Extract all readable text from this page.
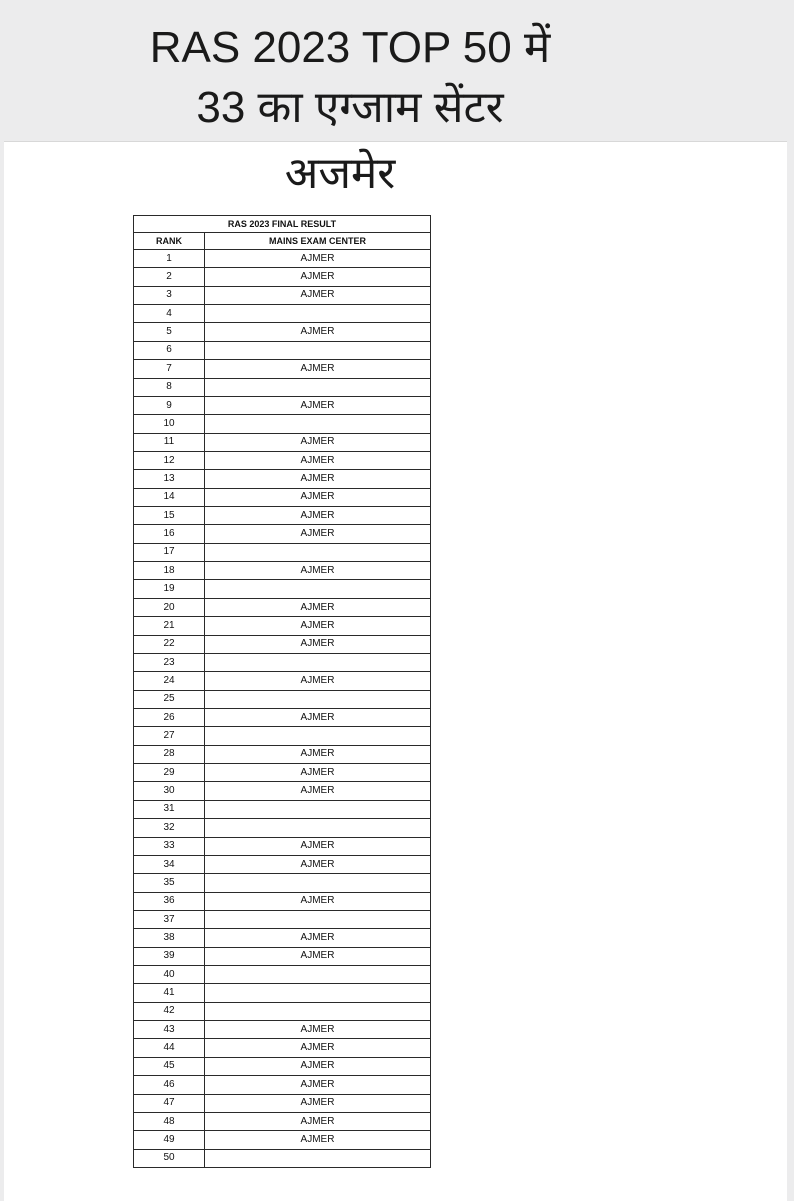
RAS 2023 TOP 50 में
33 का एग्जाम सेंटर
अजमेर
RAS 2023 FINAL RESULT	
RANK	MAINS EXAM CENTER
1	AJMER
2	AJMER
3	AJMER
4	
5	AJMER
6	
7	AJMER
8	
9	AJMER
10	
11	AJMER
12	AJMER
13	AJMER
14	AJMER
15	AJMER
16	AJMER
17	
18	AJMER
19	
20	AJMER
21	AJMER
22	AJMER
23	
24	AJMER
25	
26	AJMER
27	
28	AJMER
29	AJMER
30	AJMER
31	
32	
33	AJMER
34	AJMER
35	
36	AJMER
37	
38	AJMER
39	AJMER
40	
41	
42	
43	AJMER
44	AJMER
45	AJMER
46	AJMER
47	AJMER
48	AJMER
49	AJMER
50	
